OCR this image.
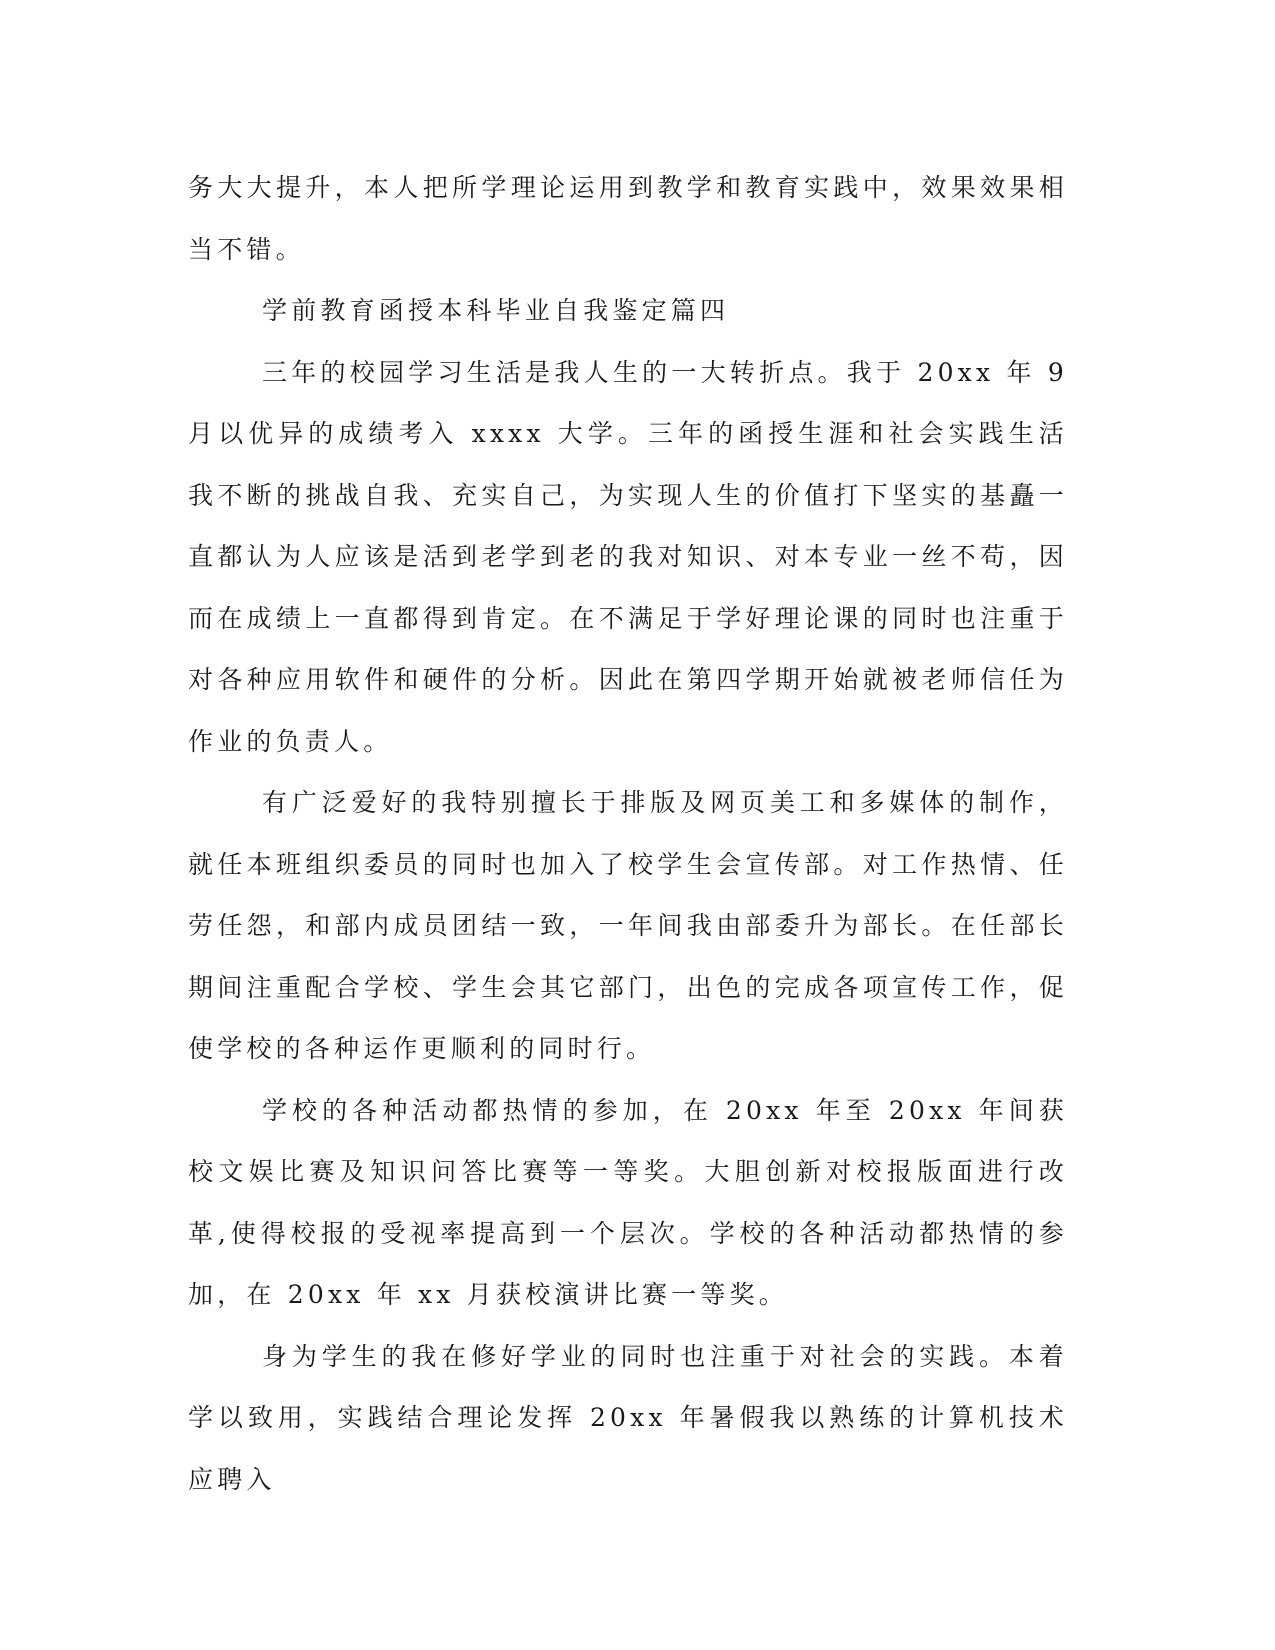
务大大提升，本人把所学理论运用到教学和教育实践中，效果效果相当不错。

学前教育函授本科毕业自我鉴定篇四

三年的校园学习生活是我人生的一大转折点。我于 20xx 年 9 月以优异的成绩考入 xxxx 大学。三年的函授生涯和社会实践生活我不断的挑战自我、充实自己，为实现人生的价值打下坚实的基矗一直都认为人应该是活到老学到老的我对知识、对本专业一丝不苟，因而在成绩上一直都得到肯定。在不满足于学好理论课的同时也注重于对各种应用软件和硬件的分析。因此在第四学期开始就被老师信任为作业的负责人。

有广泛爱好的我特别擅长于排版及网页美工和多媒体的制作，就任本班组织委员的同时也加入了校学生会宣传部。对工作热情、任劳任怨，和部内成员团结一致，一年间我由部委升为部长。在任部长期间注重配合学校、学生会其它部门，出色的完成各项宣传工作，促使学校的各种运作更顺利的同时行。

学校的各种活动都热情的参加，在 20xx 年至 20xx 年间获校文娱比赛及知识问答比赛等一等奖。大胆创新对校报版面进行改革,使得校报的受视率提高到一个层次。学校的各种活动都热情的参加，在 20xx 年 xx 月获校演讲比赛一等奖。

身为学生的我在修好学业的同时也注重于对社会的实践。本着学以致用，实践结合理论发挥 20xx 年暑假我以熟练的计算机技术应聘入
